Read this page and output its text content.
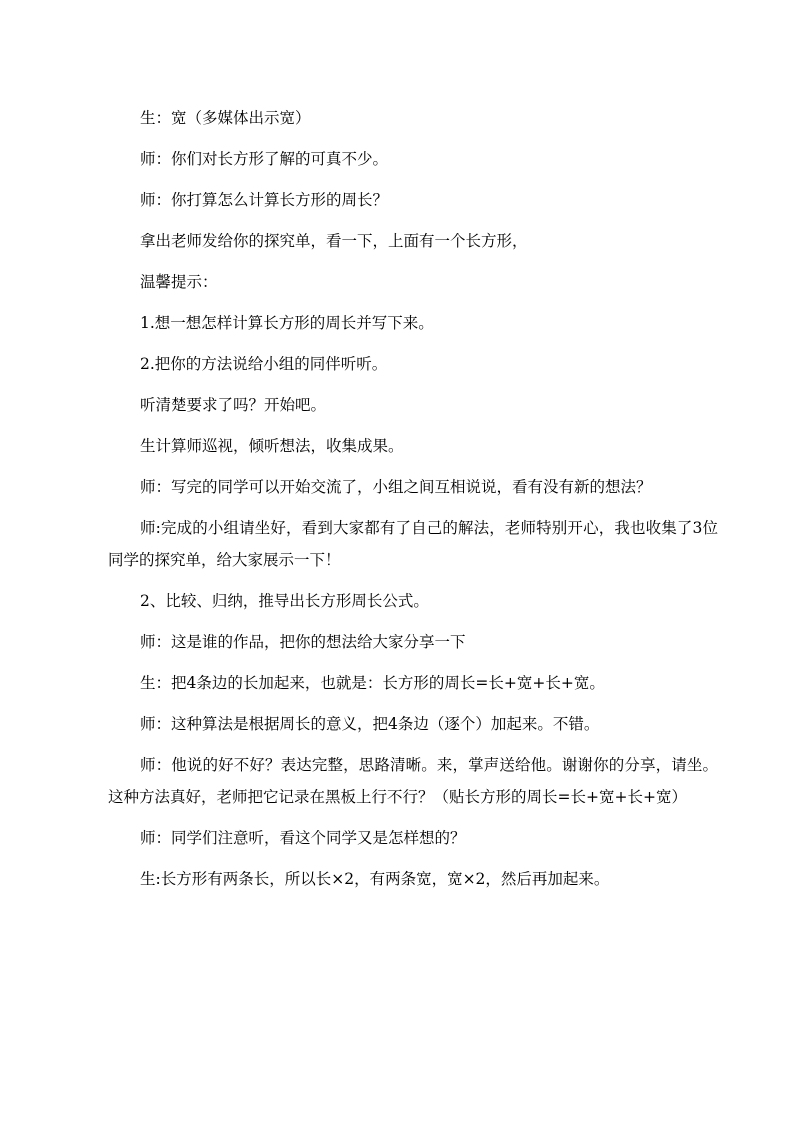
生：宽（多媒体出示宽）

师：你们对长方形了解的可真不少。

师：你打算怎么计算长方形的周长？

拿出老师发给你的探究单，看一下，上面有一个长方形，

温馨提示：

1.想一想怎样计算长方形的周长并写下来。

2.把你的方法说给小组的同伴听听。

听清楚要求了吗？开始吧。

生计算师巡视，倾听想法，收集成果。

师：写完的同学可以开始交流了，小组之间互相说说，看有没有新的想法？

师:完成的小组请坐好，看到大家都有了自己的解法，老师特别开心，我也收集了3位同学的探究单，给大家展示一下！

2、比较、归纳，推导出长方形周长公式。

师：这是谁的作品，把你的想法给大家分享一下

生：把4条边的长加起来，也就是：长方形的周长=长+宽+长+宽。

师：这种算法是根据周长的意义，把4条边（逐个）加起来。不错。

师：他说的好不好？表达完整，思路清晰。来，掌声送给他。谢谢你的分享，请坐。这种方法真好，老师把它记录在黑板上行不行？（贴长方形的周长=长+宽+长+宽）

师：同学们注意听，看这个同学又是怎样想的？

生:长方形有两条长，所以长×2，有两条宽，宽×2，然后再加起来。
